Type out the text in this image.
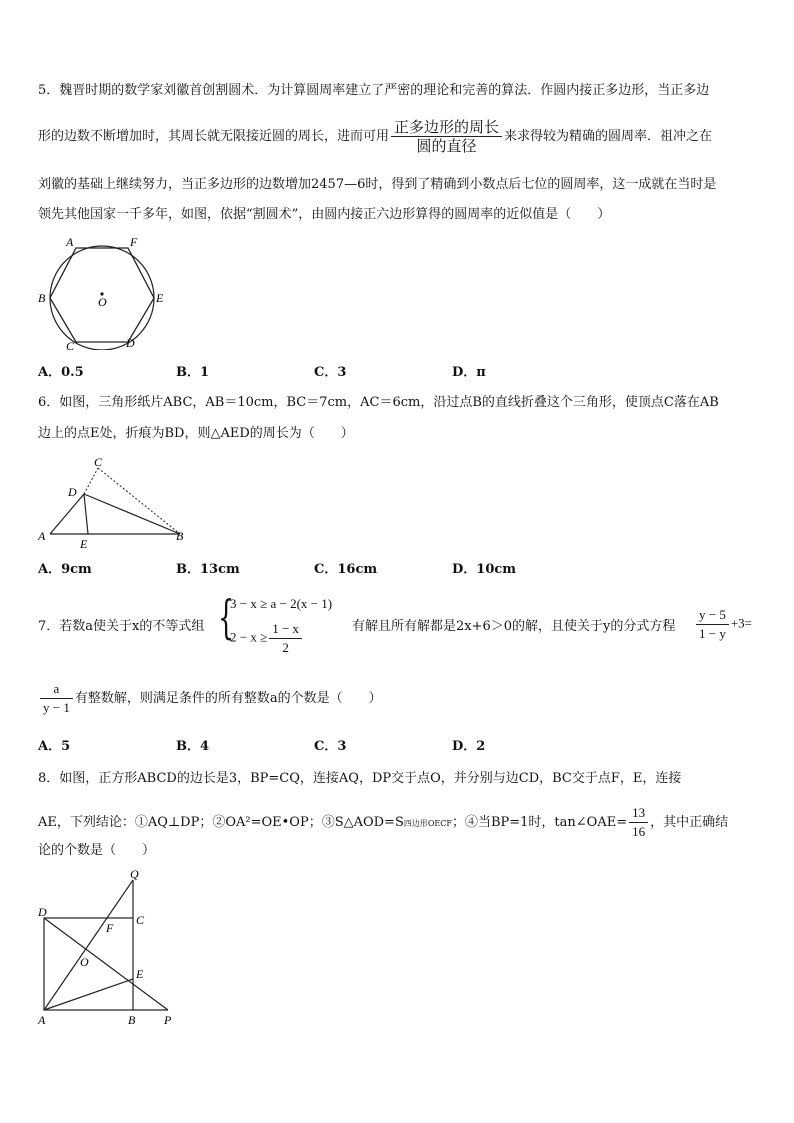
5．魏晋时期的数学家刘徽首创割圆术．为计算圆周率建立了严密的理论和完善的算法．作圆内接正多边形，当正多边
形的边数不断增加时，其周长就无限接近圆的周长，进而可用 $\frac{\text{正多边形的周长}}{\text{圆的直径}}$ 来求得较为精确的圆周率．祖冲之在
刘徽的基础上继续努力，当正多边形的边数增加2457—6时，得到了精确到小数点后七位的圆周率，这一成就在当时是
领先其他国家一千多年，如图，依据“割圆术”，由圆内接正六边形算得的圆周率的近似值是（　　）
A	F
B	O	E
C	D
A．0.5	B．1	C．3	D．π
6．如图，三角形纸片ABC，AB＝10cm，BC＝7cm，AC＝6cm，沿过点B的直线折叠这个三角形，使顶点C落在AB
边上的点E处，折痕为BD，则△AED的周长为（　　）
C
D
A
E
B
A．9cm	B．13cm	C．16cm	D．10cm
7．若数a使关于x的不等式组 {
3 − x ≥ a − 2(x − 1)
$2 - x \ge \frac{1 - x}{2}$	有解且所有解都是2x+6＞0的解，且使关于y的分式方程 $\frac{y - 5}{1 - y} +3=$
$\frac{a}{y - 1}$ 有整数解，则满足条件的所有整数a的个数是（　　）
A．5	B．4	C．3	D．2
8．如图，正方形ABCD的边长是3，BP=CQ，连接AQ，DP交于点O，并分别与边CD，BC交于点F，E，连接
AE，下列结论：①AQ⊥DP；②OA²=OE•OP；③S△AOD=S四边形OECF；④当BP=1时，tan∠OAE= $\frac{13}{16}$ ，其中正确结
论的个数是（　　）
Q
D
C
F
O
E
A	B P
